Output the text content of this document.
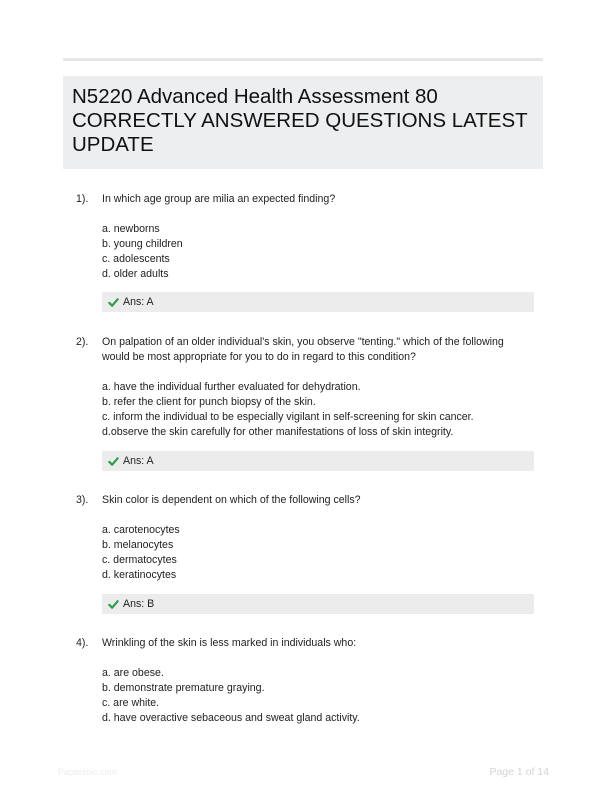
N5220 Advanced Health Assessment 80 CORRECTLY ANSWERED QUESTIONS LATEST UPDATE
1). In which age group are milia an expected finding?
a. newborns
b. young children
c. adolescents
d. older adults
Ans: A
2). On palpation of an older individual's skin, you observe "tenting." which of the following would be most appropriate for you to do in regard to this condition?
a. have the individual further evaluated for dehydration.
b. refer the client for punch biopsy of the skin.
c. inform the individual to be especially vigilant in self-screening for skin cancer.
d.observe the skin carefully for other manifestations of loss of skin integrity.
Ans: A
3). Skin color is dependent on which of the following cells?
a. carotenocytes
b. melanocytes
c. dermatocytes
d. keratinocytes
Ans: B
4). Wrinkling of the skin is less marked in individuals who:
a. are obese.
b. demonstrate premature graying.
c. are white.
d. have overactive sebaceous and sweat gland activity.
Paperlibic.com	Page 1 of 14
